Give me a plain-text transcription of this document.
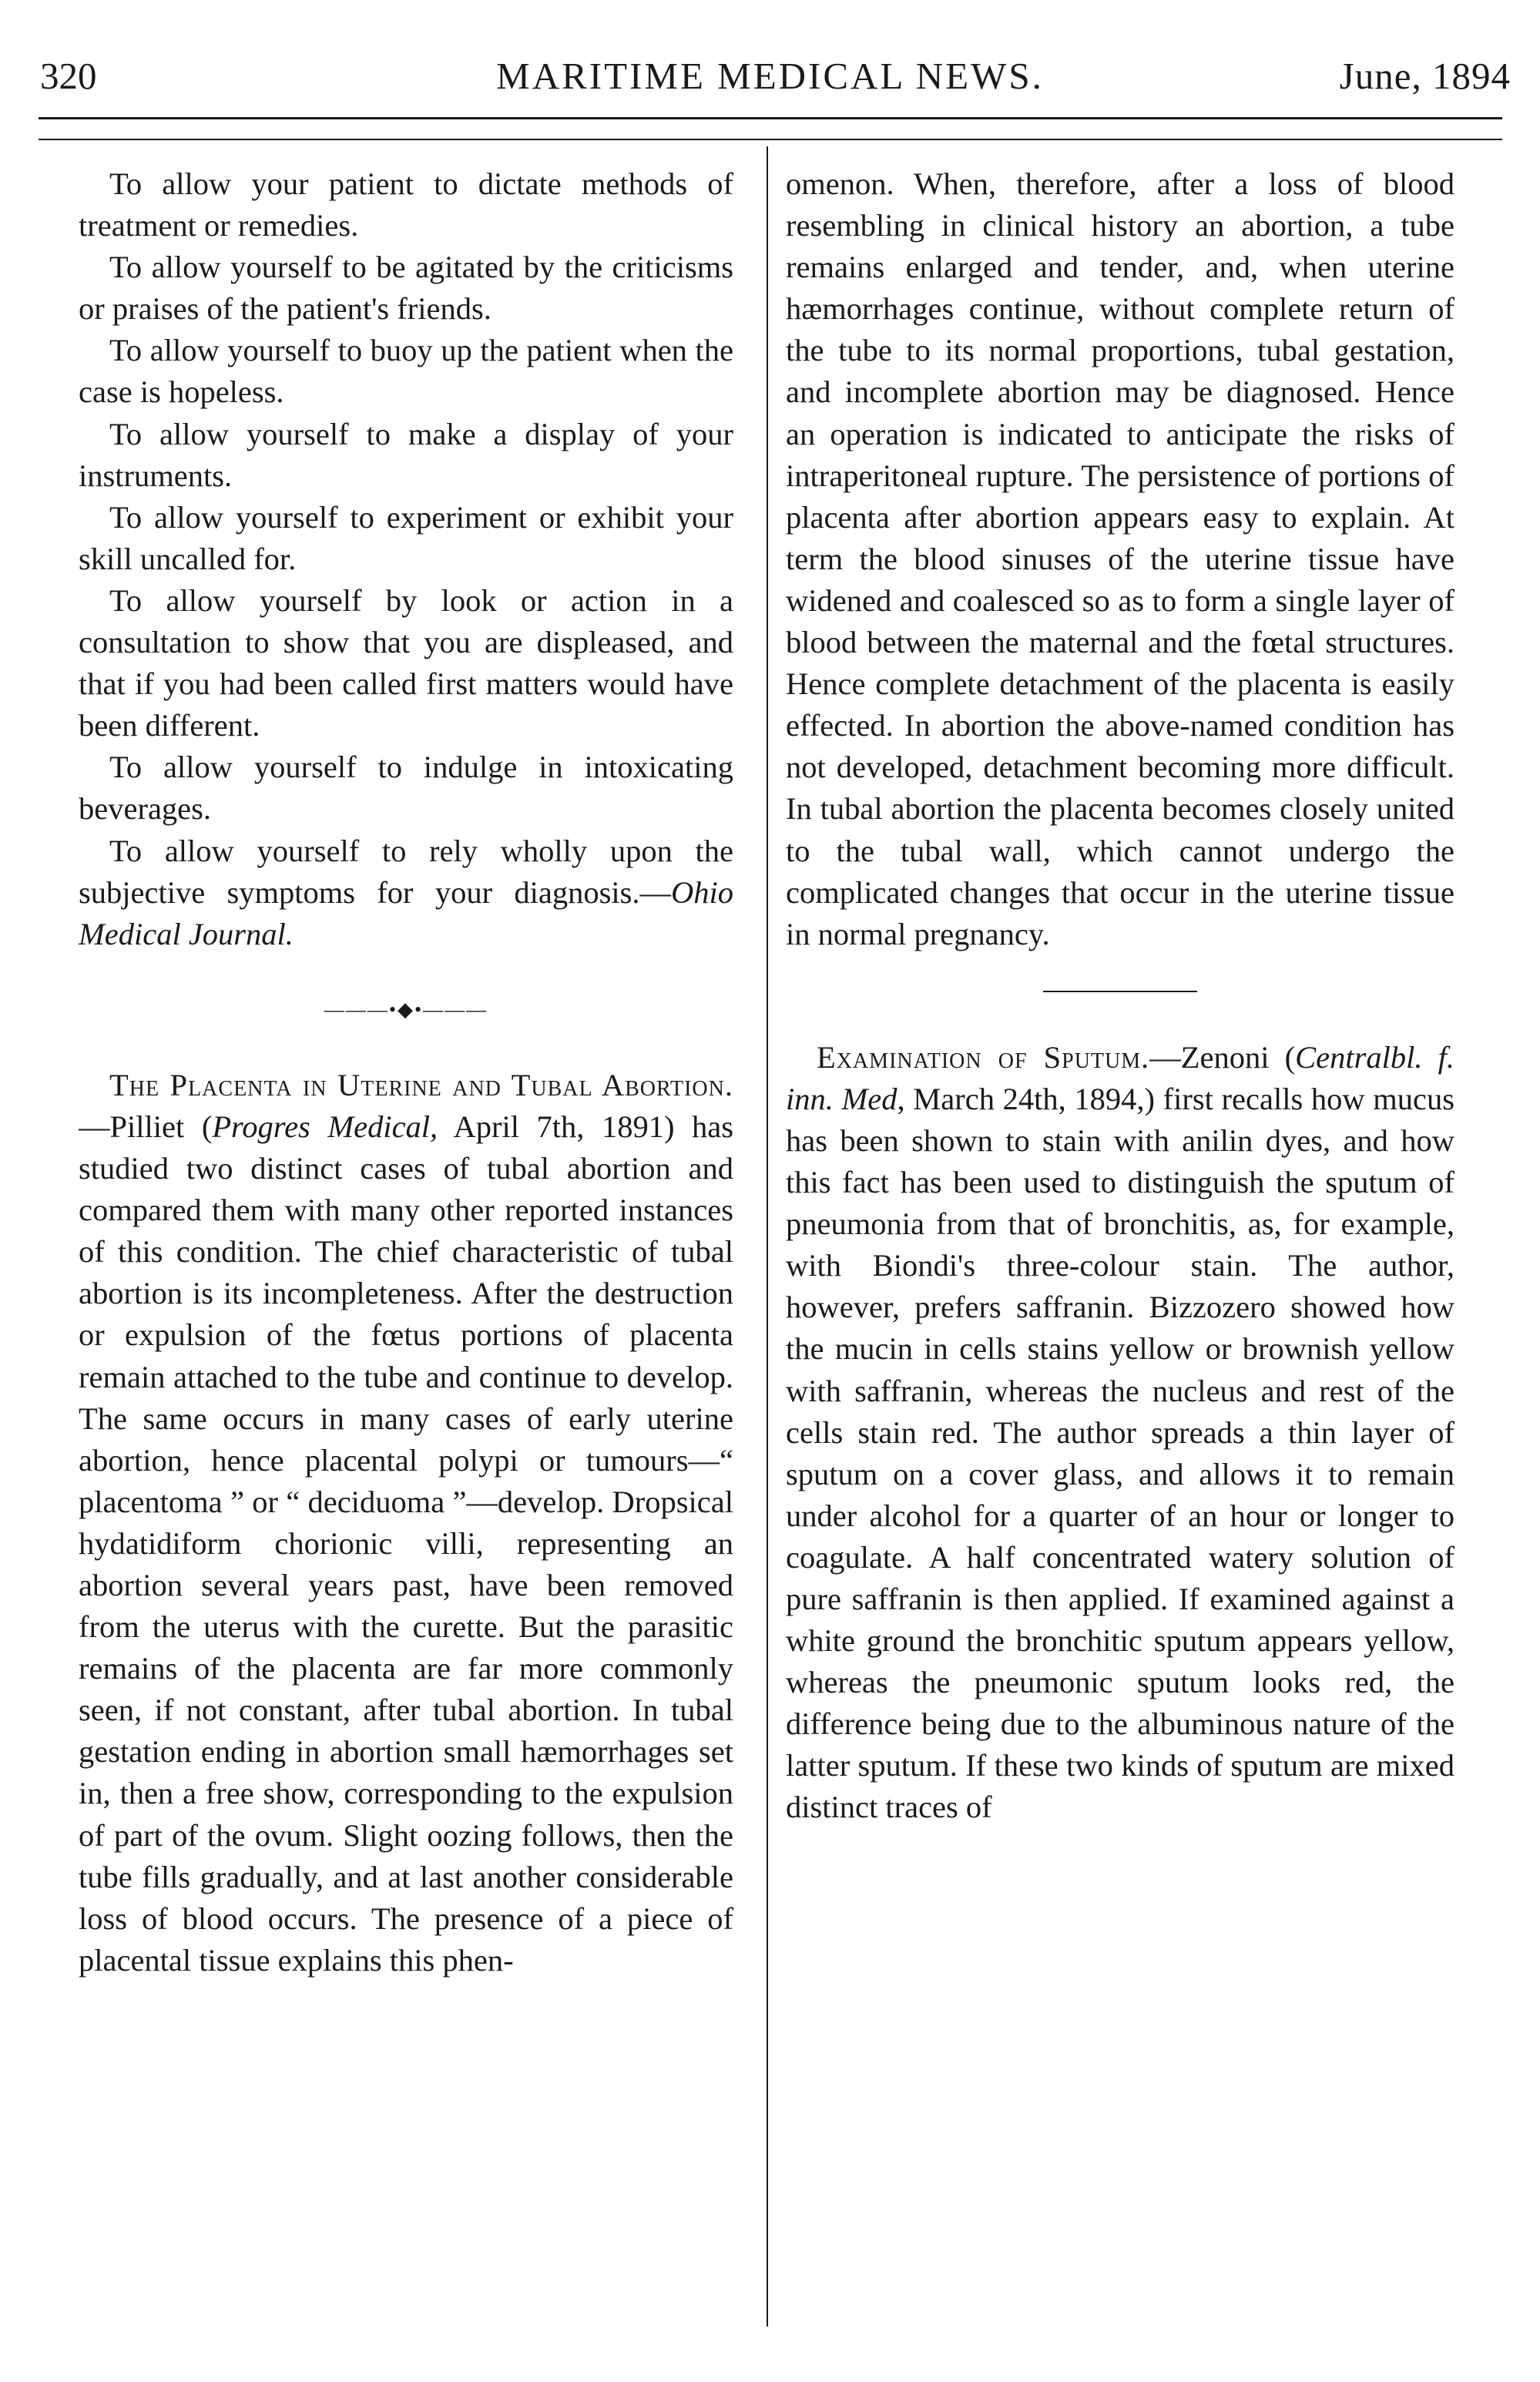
320	MARITIME MEDICAL NEWS.	June, 1894

To allow your patient to dictate methods of treatment or remedies.

To allow yourself to be agitated by the criticisms or praises of the patient's friends.

To allow yourself to buoy up the patient when the case is hopeless.

To allow yourself to make a display of your instruments.

To allow yourself to experiment or exhibit your skill uncalled for.

To allow yourself by look or action in a consultation to show that you are displeased, and that if you had been called first matters would have been different.

To allow yourself to indulge in intoxicating beverages.

To allow yourself to rely wholly upon the subjective symptoms for your diagnosis.—Ohio Medical Journal.

———•◆•———

The Placenta in Uterine and Tubal Abortion.—Pilliet (Progres Medical, April 7th, 1891) has studied two distinct cases of tubal abortion and compared them with many other reported instances of this condition. The chief characteristic of tubal abortion is its incompleteness. After the destruction or expulsion of the fœtus portions of placenta remain attached to the tube and continue to develop. The same occurs in many cases of early uterine abortion, hence placental polypi or tumours—“ placentoma ” or “ deciduoma ”—develop. Dropsical hydatidiform chorionic villi, representing an abortion several years past, have been removed from the uterus with the curette. But the parasitic remains of the placenta are far more commonly seen, if not constant, after tubal abortion. In tubal gestation ending in abortion small hæmorrhages set in, then a free show, corresponding to the expulsion of part of the ovum. Slight oozing follows, then the tube fills gradually, and at last another considerable loss of blood occurs. The presence of a piece of placental tissue explains this phen-

omenon. When, therefore, after a loss of blood resembling in clinical history an abortion, a tube remains enlarged and tender, and, when uterine hæmorrhages continue, without complete return of the tube to its normal proportions, tubal gestation, and incomplete abortion may be diagnosed. Hence an operation is indicated to anticipate the risks of intraperitoneal rupture. The persistence of portions of placenta after abortion appears easy to explain. At term the blood sinuses of the uterine tissue have widened and coalesced so as to form a single layer of blood between the maternal and the fœtal structures. Hence complete detachment of the placenta is easily effected. In abortion the above-named condition has not developed, detachment becoming more difficult. In tubal abortion the placenta becomes closely united to the tubal wall, which cannot undergo the complicated changes that occur in the uterine tissue in normal pregnancy.

Examination of Sputum.—Zenoni (Centralbl. f. inn. Med, March 24th, 1894,) first recalls how mucus has been shown to stain with anilin dyes, and how this fact has been used to distinguish the sputum of pneumonia from that of bronchitis, as, for example, with Biondi's three-colour stain. The author, however, prefers saffranin. Bizzozero showed how the mucin in cells stains yellow or brownish yellow with saffranin, whereas the nucleus and rest of the cells stain red. The author spreads a thin layer of sputum on a cover glass, and allows it to remain under alcohol for a quarter of an hour or longer to coagulate. A half concentrated watery solution of pure saffranin is then applied. If examined against a white ground the bronchitic sputum appears yellow, whereas the pneumonic sputum looks red, the difference being due to the albuminous nature of the latter sputum. If these two kinds of sputum are mixed distinct traces of
